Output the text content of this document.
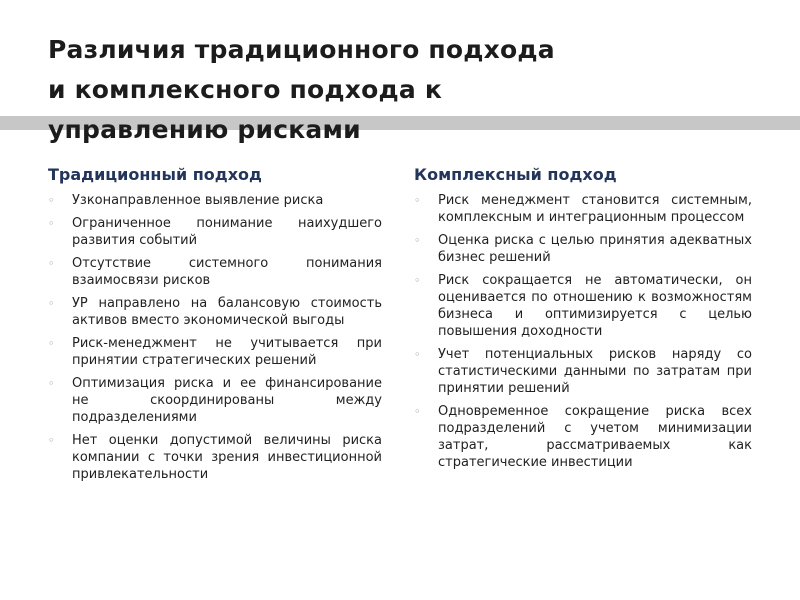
Различия традиционного подхода
и комплексного подхода к
управлению рисками
Традиционный подход
◦ Узконаправленное выявление риска
◦ Ограниченное понимание наихудшего развития событий
◦ Отсутствие системного понимания взаимосвязи рисков
◦ УР направлено на балансовую стоимость активов вместо экономической выгоды
◦ Риск-менеджмент не учитывается при принятии стратегических решений
◦ Оптимизация риска и ее финансирование не скоординированы между подразделениями
◦ Нет оценки допустимой величины риска компании с точки зрения инвестиционной привлекательности
Комплексный подход
◦ Риск менеджмент становится системным, комплексным и интеграционным процессом
◦ Оценка риска с целью принятия адекватных бизнес решений
◦ Риск сокращается не автоматически, он оценивается по отношению к возможностям бизнеса и оптимизируется с целью повышения доходности
◦ Учет потенциальных рисков наряду со статистическими данными по затратам при принятии решений
◦ Одновременное сокращение риска всех подразделений с учетом минимизации затрат, рассматриваемых как стратегические инвестиции
